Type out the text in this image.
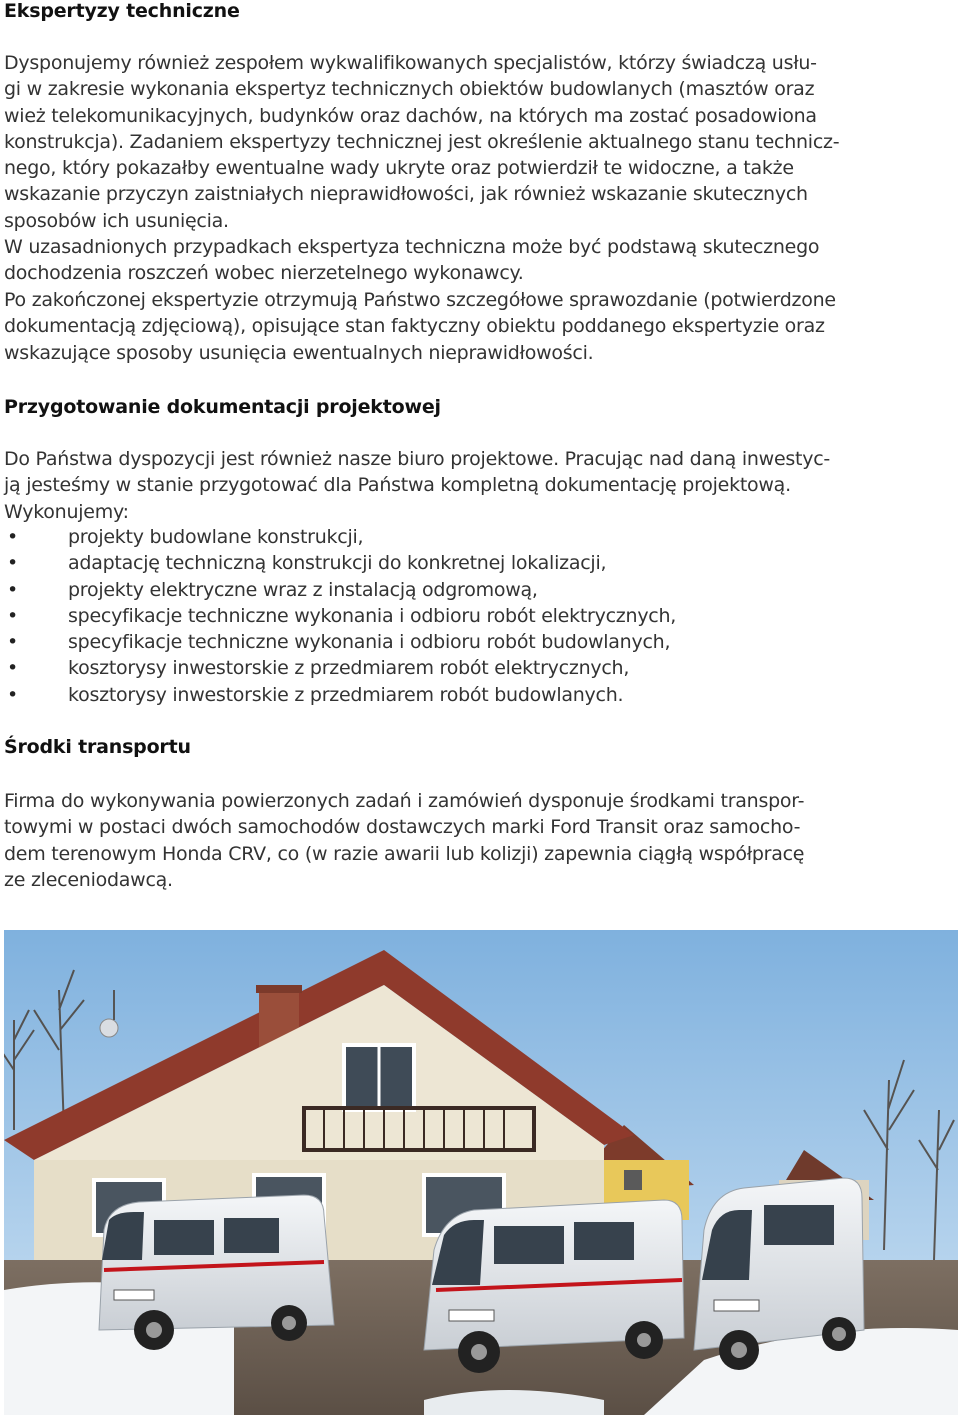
Ekspertyzy techniczne

Dysponujemy również zespołem wykwalifikowanych specjalistów, którzy świadczą usłu-
gi w zakresie wykonania ekspertyz technicznych obiektów budowlanych (masztów oraz
wież telekomunikacyjnych, budynków oraz dachów, na których ma zostać posadowiona
konstrukcja). Zadaniem ekspertyzy technicznej jest określenie aktualnego stanu technicz-
nego, który pokazałby ewentualne wady ukryte oraz potwierdził te widoczne, a także
wskazanie przyczyn zaistniałych nieprawidłowości, jak również wskazanie skutecznych
sposobów ich usunięcia.

W uzasadnionych przypadkach ekspertyza techniczna może być podstawą skutecznego
dochodzenia roszczeń wobec nierzetelnego wykonawcy.

Po zakończonej ekspertyzie otrzymują Państwo szczegółowe sprawozdanie (potwierdzone
dokumentacją zdjęciową), opisujące stan faktyczny obiektu poddanego ekspertyzie oraz
wskazujące sposoby usunięcia ewentualnych nieprawidłowości.

Przygotowanie dokumentacji projektowej

Do Państwa dyspozycji jest również nasze biuro projektowe. Pracując nad daną inwestyc-
ją jesteśmy w stanie przygotować dla Państwa kompletną dokumentację projektową.
Wykonujemy:

•	projekty budowlane konstrukcji,
•	adaptację techniczną konstrukcji do konkretnej lokalizacji,
•	projekty elektryczne wraz z instalacją odgromową,
•	specyfikacje techniczne wykonania i odbioru robót elektrycznych,
•	specyfikacje techniczne wykonania i odbioru robót budowlanych,
•	kosztorysy inwestorskie z przedmiarem robót elektrycznych,
•	kosztorysy inwestorskie z przedmiarem robót budowlanych.
Środki transportu

Firma do wykonywania powierzonych zadań i zamówień dysponuje środkami transpor-
towymi w postaci dwóch samochodów dostawczych marki Ford Transit oraz samocho-
dem terenowym Honda CRV, co (w razie awarii lub kolizji) zapewnia ciągłą współpracę
ze zleceniodawcą.
